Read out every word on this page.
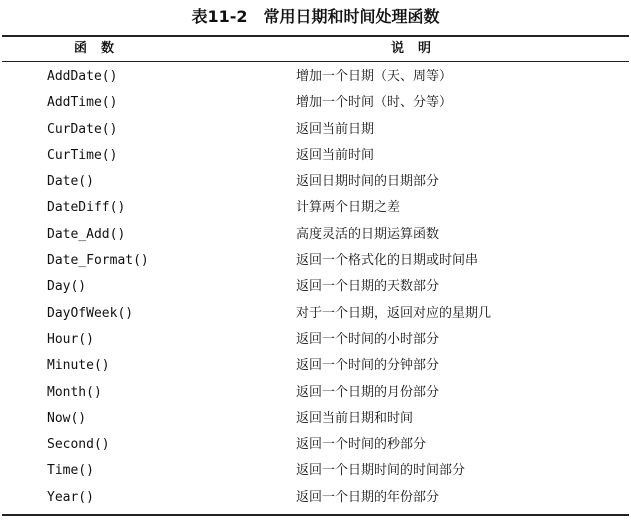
表11-2　常用日期和时间处理函数
函数	说明
AddDate()	增加一个日期（天、周等）
AddTime()	增加一个时间（时、分等）
CurDate()	返回当前日期
CurTime()	返回当前时间
Date()	返回日期时间的日期部分
DateDiff()	计算两个日期之差
Date_Add()	高度灵活的日期运算函数
Date_Format()	返回一个格式化的日期或时间串
Day()	返回一个日期的天数部分
DayOfWeek()	对于一个日期，返回对应的星期几
Hour()	返回一个时间的小时部分
Minute()	返回一个时间的分钟部分
Month()	返回一个日期的月份部分
Now()	返回当前日期和时间
Second()	返回一个时间的秒部分
Time()	返回一个日期时间的时间部分
Year()	返回一个日期的年份部分
